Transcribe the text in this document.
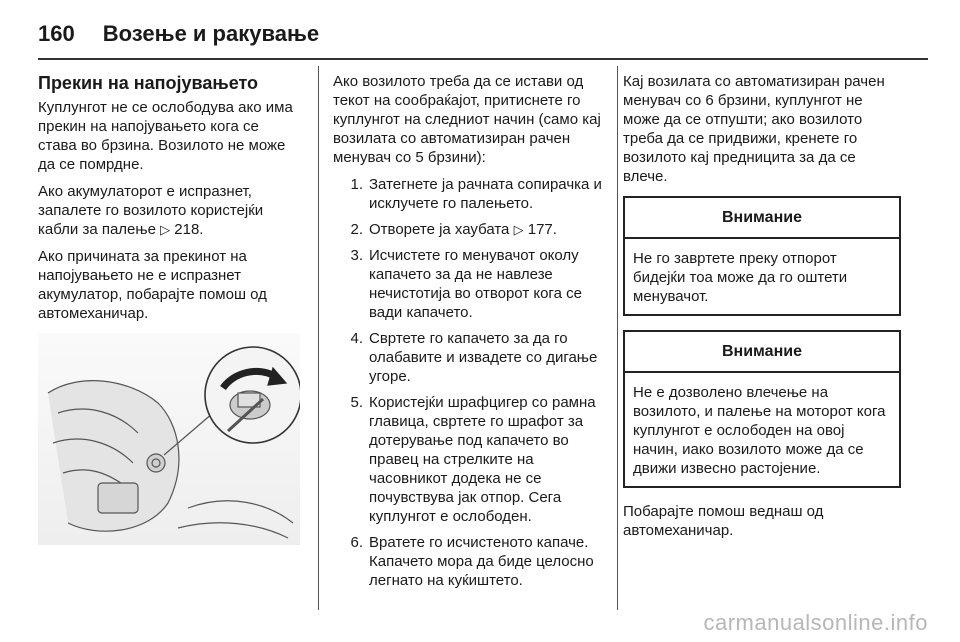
160 Возење и ракување
Прекин на напојувањето

Куплунгот не се ослободува ако има прекин на напојувањето кога се става во брзина. Возилото не може да се помрдне.

Ако акумулаторот е испразнет, запалете го возилото користејќи кабли за палење ▷ 218.

Ако причината за прекинот на напојувањето не е испразнет акумулатор, побарајте помош од автомеханичар.

Ако возилото треба да се истави од текот на сообраќајот, притиснете го куплунгот на следниот начин (само кај возилата со автоматизиран рачен менувач со 5 брзини):

1. Затегнете ја рачната сопирачка и исклучете го палењето.
2. Отворете ја хаубата ▷ 177.
3. Исчистете го менувачот околу капачето за да не навлезе нечистотија во отворот кога се вади капачето.
4. Свртете го капачето за да го олабавите и извадете со дигање угоре.
5. Користејќи шрафцигер со рамна главица, свртете го шрафот за дотерување под капачето во правец на стрелките на часовникот додека не се почувствува јак отпор. Сега куплунгот е ослободен.
6. Вратете го исчистеното капаче. Капачето мора да биде целосно легнато на куќиштето.

Кај возилата со автоматизиран рачен менувач со 6 брзини, куплунгот не може да се отпушти; ако возилото треба да се придвижи, кренете го возилото кај предницита за да се влече.

Внимание
Не го завртете преку отпорот бидејќи тоа може да го оштети менувачот.
Внимание
Не е дозволено влечење на возилото, и палење на моторот кога куплунгот е ослободен на овој начин, иако возилото може да се движи извесно растојение.

Побарајте помош веднаш од автомеханичар.

carmanualsonline.info
